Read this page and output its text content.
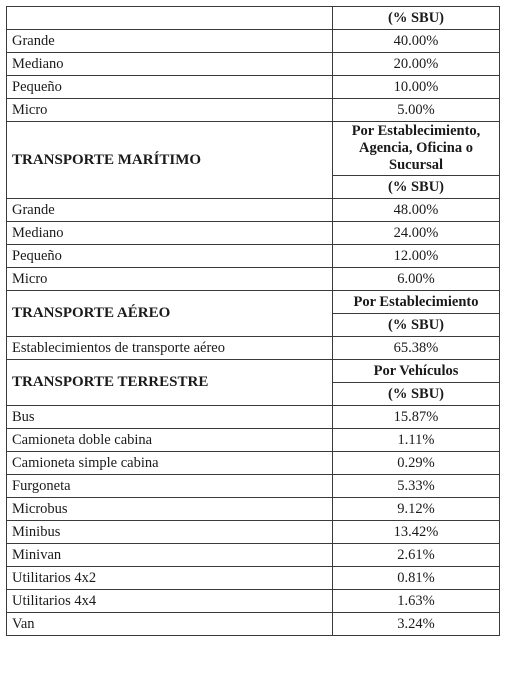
	(% SBU)
Grande	40.00%
Mediano	20.00%
Pequeño	10.00%
Micro	5.00%
TRANSPORTE MARÍTIMO	Por Establecimiento, Agencia, Oficina o Sucursal
	(% SBU)
Grande	48.00%
Mediano	24.00%
Pequeño	12.00%
Micro	6.00%
TRANSPORTE AÉREO	Por Establecimiento
	(% SBU)
Establecimientos de transporte aéreo	65.38%
TRANSPORTE TERRESTRE	Por Vehículos
	(% SBU)
Bus	15.87%
Camioneta doble cabina	1.11%
Camioneta simple cabina	0.29%
Furgoneta	5.33%
Microbus	9.12%
Minibus	13.42%
Minivan	2.61%
Utilitarios 4x2	0.81%
Utilitarios 4x4	1.63%
Van	3.24%
